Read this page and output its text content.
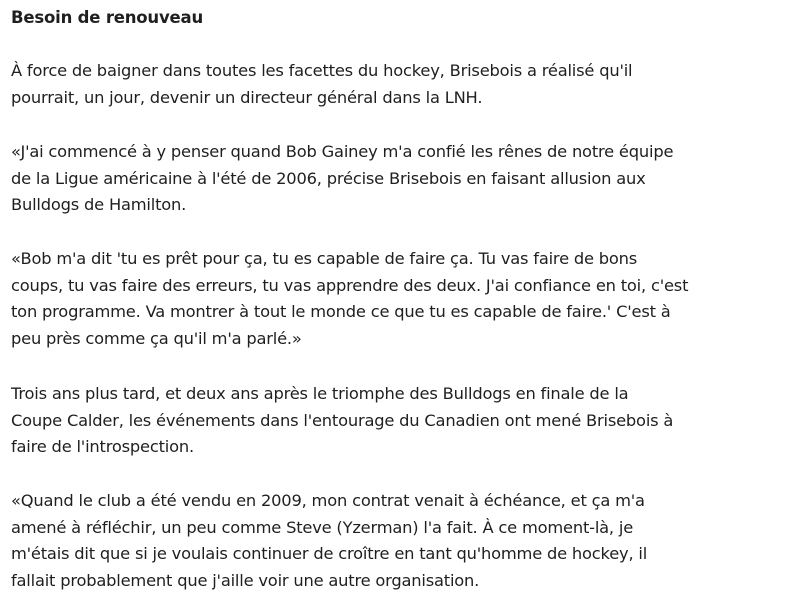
Besoin de renouveau

À force de baigner dans toutes les facettes du hockey, Brisebois a réalisé qu'il
pourrait, un jour, devenir un directeur général dans la LNH.

«J'ai commencé à y penser quand Bob Gainey m'a confié les rênes de notre équipe
de la Ligue américaine à l'été de 2006, précise Brisebois en faisant allusion aux
Bulldogs de Hamilton.

«Bob m'a dit 'tu es prêt pour ça, tu es capable de faire ça. Tu vas faire de bons
coups, tu vas faire des erreurs, tu vas apprendre des deux. J'ai confiance en toi, c'est
ton programme. Va montrer à tout le monde ce que tu es capable de faire.' C'est à
peu près comme ça qu'il m'a parlé.»

Trois ans plus tard, et deux ans après le triomphe des Bulldogs en finale de la
Coupe Calder, les événements dans l'entourage du Canadien ont mené Brisebois à
faire de l'introspection.

«Quand le club a été vendu en 2009, mon contrat venait à échéance, et ça m'a
amené à réfléchir, un peu comme Steve (Yzerman) l'a fait. À ce moment-là, je
m'étais dit que si je voulais continuer de croître en tant qu'homme de hockey, il
fallait probablement que j'aille voir une autre organisation.
